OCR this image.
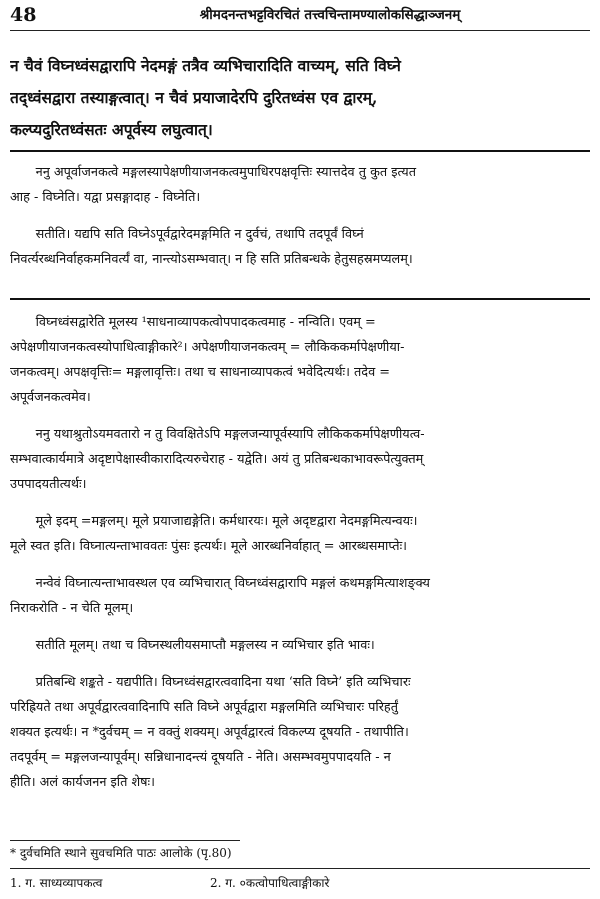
48	श्रीमदनन्तभट्टविरचितं तत्त्वचिन्तामण्यालोकसिद्धाञ्जनम्

न चैवं विघ्नध्वंसद्वारापि नेदमङ्गं तत्रैव व्यभिचारादिति वाच्यम्, सति विघ्ने

तद्ध्वंसद्वारा तस्याङ्गत्वात्। न चैवं प्रयाजादेरपि दुरितध्वंस एव द्वारम्,

कल्प्यदुरितध्वंसतः अपूर्वस्य लघुत्वात्।

ननु अपूर्वाजनकत्वे मङ्गलस्यापेक्षणीयाजनकत्वमुपाधिरपक्षवृत्तिः स्यात्तदेव तु कुत इत्यत

आह - विघ्नेति। यद्वा प्रसङ्गादाह - विघ्नेति।

सतीति। यद्यपि सति विघ्नेऽपूर्वद्वारेदमङ्गमिति न दुर्वचं, तथापि तदपूर्वं विघ्नं

निवर्त्यरब्धनिर्वाहकमनिवर्त्यं वा, नान्त्योऽसम्भवात्। न हि सति प्रतिबन्धके हेतुसहस्रमप्यलम्।

विघ्नध्वंसद्वारेति मूलस्य ¹साधनाव्यापकत्वोपपादकत्वमाह - नन्विति। एवम् =

अपेक्षणीयाजनकत्वस्योपाधित्वाङ्गीकारे²। अपेक्षणीयाजनकत्वम् = लौकिककर्मापेक्षणीया-

जनकत्वम्। अपक्षवृत्तिः= मङ्गलावृत्तिः। तथा च साधनाव्यापकत्वं भवेदित्यर्थः। तदेव =

अपूर्वजनकत्वमेव।

ननु यथाश्रुतोऽयमवतारो न तु विवक्षितेऽपि मङ्गलजन्यापूर्वस्यापि लौकिककर्मापेक्षणीयत्व-

सम्भवात्कार्यमात्रे अदृष्टापेक्षास्वीकारादित्यरुचेराह - यद्वेति। अयं तु प्रतिबन्धकाभावरूपेत्युक्तम्

उपपादयतीत्यर्थः।

मूले इदम् =मङ्गलम्। मूले प्रयाजाद्यङ्गेति। कर्मधारयः। मूले अदृष्टद्वारा नेदमङ्गमित्यन्वयः।

मूले स्वत इति। विघ्नात्यन्ताभाववतः पुंसः इत्यर्थः। मूले आरब्धनिर्वाहात् = आरब्धसमाप्तेः।

नन्वेवं विघ्नात्यन्ताभावस्थल एव व्यभिचारात् विघ्नध्वंसद्वारापि मङ्गलं कथमङ्गमित्याशङ्क्य

निराकरोति - न चेति मूलम्।

सतीति मूलम्। तथा च विघ्नस्थलीयसमाप्तौ मङ्गलस्य न व्यभिचार इति भावः।

प्रतिबन्धि शङ्कते - यद्यपीति। विघ्नध्वंसद्वारत्ववादिना यथा ‘सति विघ्ने’ इति व्यभिचारः

परिह्रियते तथा अपूर्वद्वारत्ववादिनापि सति विघ्ने अपूर्वद्वारा मङ्गलमिति व्यभिचारः परिहर्तुं

शक्यत इत्यर्थः। न *दुर्वचम् = न वक्तुं शक्यम्। अपूर्वद्वारत्वं विकल्प्य दूषयति - तथापीति।

तदपूर्वम् = मङ्गलजन्यापूर्वम्। सन्निधानादन्त्यं दूषयति - नेति। असम्भवमुपपादयति - न

हीति। अलं कार्यजनन इति शेषः।

* दुर्वचमिति स्थाने सुवचमिति पाठः आलोके (पृ.80)
1. ग. साध्यव्यापकत्व	2. ग. ०कत्वोपाधित्वाङ्गीकारे
